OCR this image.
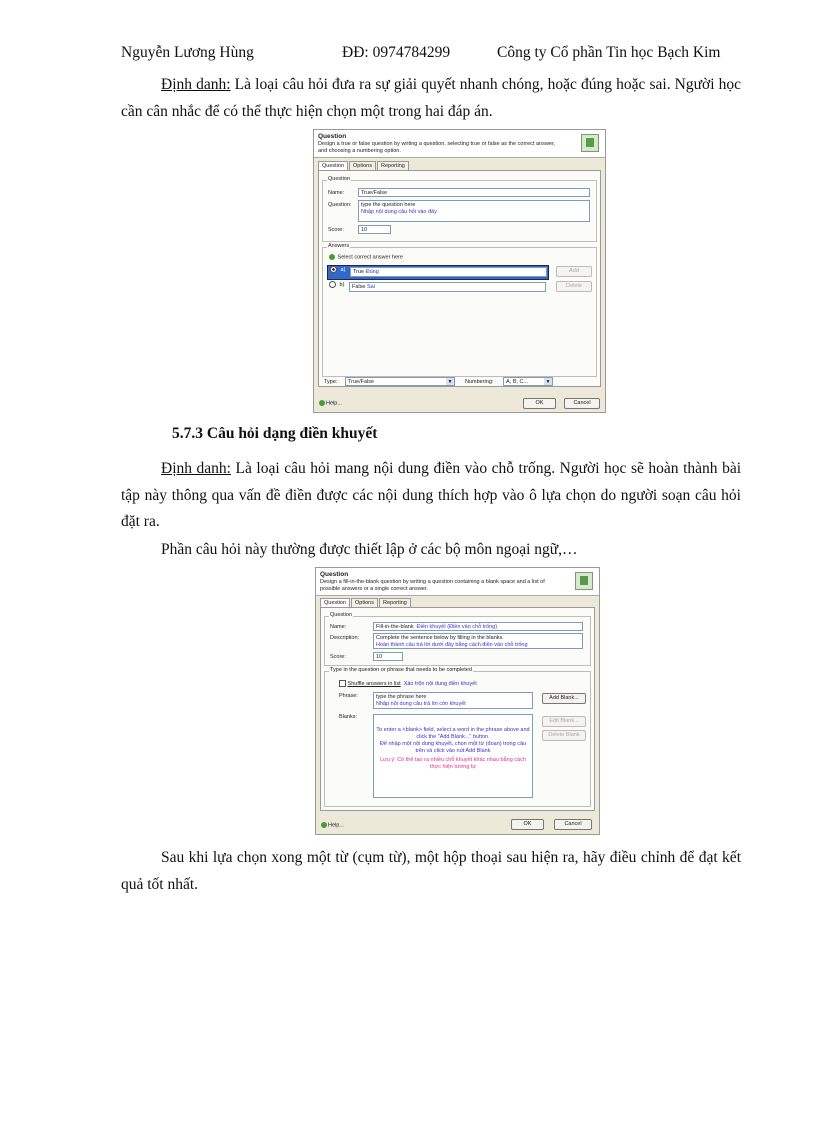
Nguyễn Lương Hùng	ĐĐ: 0974784299	Công ty Cổ phần Tin học Bạch Kim

Định danh: Là loại câu hỏi đưa ra sự giải quyết nhanh chóng, hoặc đúng hoặc sai. Người học cần cân nhắc để có thể thực hiện chọn một trong hai đáp án.

Question
Design a true or false question by writing a question, selecting true or false as the correct answer, and choosing a numbering option.
Question Options Reporting
Question
Name:	True/False
Question: type the question here
Nhập nội dung câu hỏi vào đây
Score:	10
Answers
Select correct answer here
a)	True Đúng
b)	False Sai
Add
Delete
Type:	True/False	▼ Numbering:	A, B, C...	▼
Help...	OK	Cancel
5.7.3 Câu hỏi dạng điền khuyết

Định danh: Là loại câu hỏi mang nội dung điền vào chỗ trống. Người học sẽ hoàn thành bài tập này thông qua vấn đề điền được các nội dung thích hợp vào ô lựa chọn do người soạn câu hỏi đặt ra.

Phần câu hỏi này thường được thiết lập ở các bộ môn ngoại ngữ,…

Question
Design a fill-in-the-blank question by writing a question containing a blank space and a list of possible answers or a single correct answer.
Question Options Reporting
Question
Name:	Fill-in-the-blank Điền khuyết (Điền vào chỗ trống)
Description:	Complete the sentence below by filling in the blanks.
Hoàn thành câu trả lời dưới đây bằng cách điền vào chỗ trống
Score:	10
Type in the question or phrase that needs to be completed
Shuffle answers in list Xáo trộn nội dung điền khuyết
Phrase:	type the phrase here
Nhập nội dung câu trả lời còn khuyết
Add Blank...
Blanks:
To enter a <blank> field, select a word in the phrase above and click the "Add Blank..." button.
Để nhập một nội dung khuyết, chọn một từ (đoạn) trong câu trên và click vào nút Add Blank
Lưu ý: Có thể tạo ra nhiều chỗ khuyết khác nhau bằng cách thực hiện tương tự
Edit Blank...
Delete Blank
Help...	OK	Cancel

Sau khi lựa chọn xong một từ (cụm từ), một hộp thoại sau hiện ra, hãy điều chỉnh để đạt kết quả tốt nhất.
